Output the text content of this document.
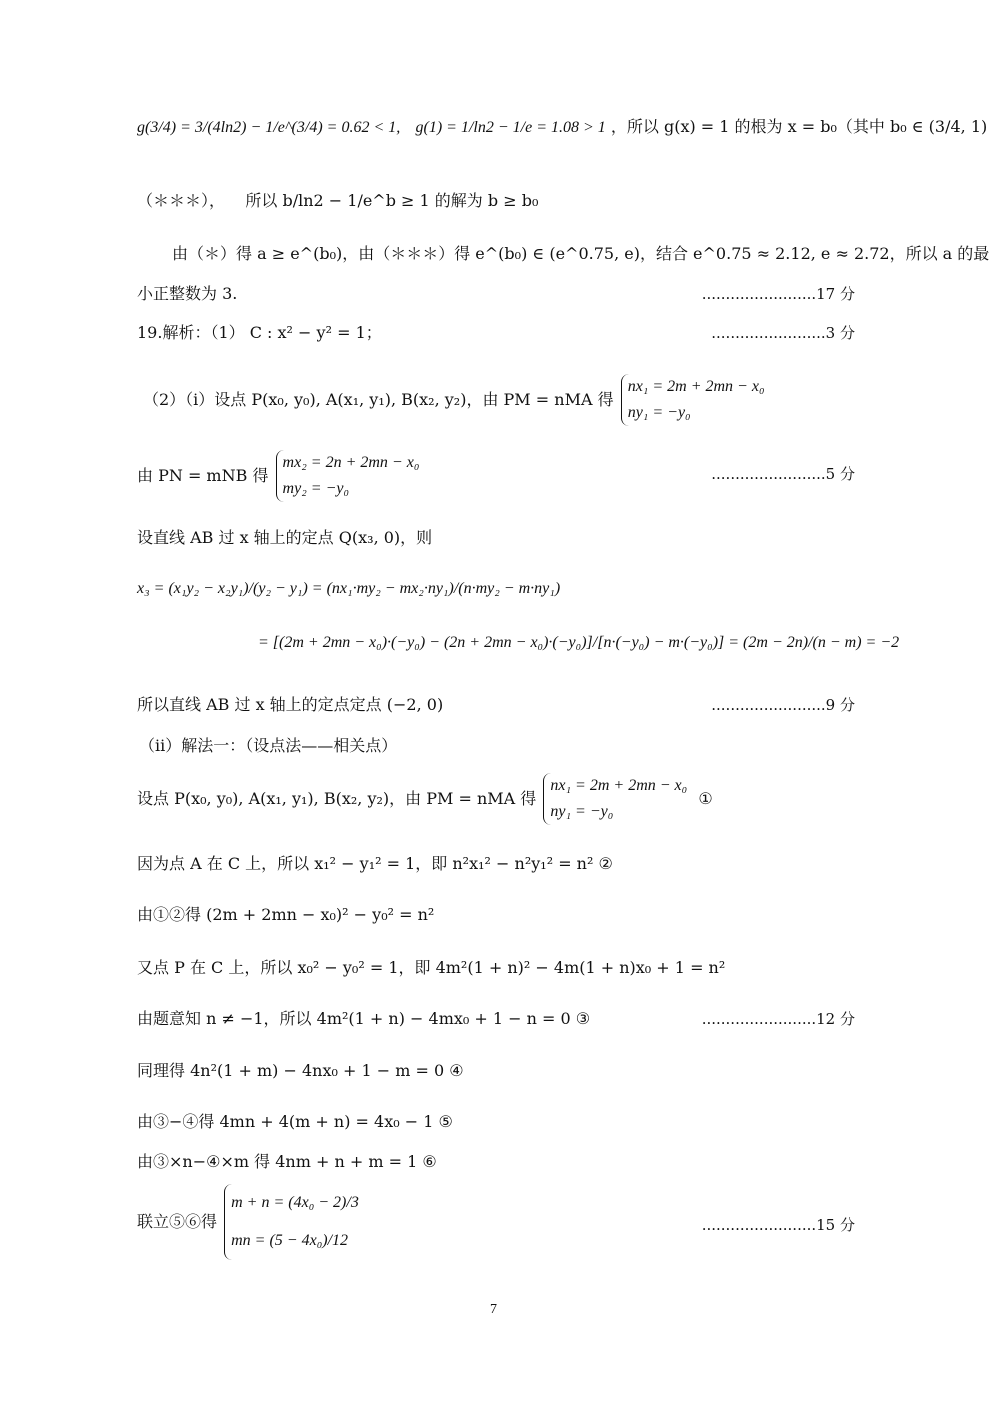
g(3/4) = 3/(4ln2) − 1/e^(3/4) = 0.62 < 1, g(1) = 1/ln2 − 1/e = 1.08 > 1 ，所以 g(x) = 1 的根为 x = b₀（其中 b₀ ∈ (3/4, 1)
（＊＊＊）， 所以 b/ln2 − 1/e^b ≥ 1 的解为 b ≥ b₀
由（＊）得 a ≥ e^(b₀)，由（＊＊＊）得 e^(b₀) ∈ (e^0.75, e)，结合 e^0.75 ≈ 2.12, e ≈ 2.72，所以 a 的最
小正整数为 3.	........................17 分
19.解析：（1） C : x² − y² = 1；	........................3 分
（2）（i）设点 P(x₀, y₀), A(x₁, y₁), B(x₂, y₂)，由 PM = nMA 得
nx₁ = 2m + 2mn − x₀
ny₁ = −y₀
由 PN = mNB 得
mx₂ = 2n + 2mn − x₀
my₂ = −y₀
........................5 分
设直线 AB 过 x 轴上的定点 Q(x₃, 0)，则
x₃ = (x₁y₂ − x₂y₁)/(y₂ − y₁) = (nx₁·my₂ − mx₂·ny₁)/(n·my₂ − m·ny₁)
= [(2m + 2mn − x₀)·(−y₀) − (2n + 2mn − x₀)·(−y₀)]/[n·(−y₀) − m·(−y₀)] = (2m − 2n)/(n − m) = −2
所以直线 AB 过 x 轴上的定点定点 (−2, 0)	........................9 分
（ii）解法一：（设点法——相关点）
设点 P(x₀, y₀), A(x₁, y₁), B(x₂, y₂)，由 PM = nMA 得
nx₁ = 2m + 2mn − x₀
ny₁ = −y₀
①
因为点 A 在 C 上，所以 x₁² − y₁² = 1，即 n²x₁² − n²y₁² = n² ②
由①②得 (2m + 2mn − x₀)² − y₀² = n²
又点 P 在 C 上，所以 x₀² − y₀² = 1，即 4m²(1 + n)² − 4m(1 + n)x₀ + 1 = n²
由题意知 n ≠ −1，所以 4m²(1 + n) − 4mx₀ + 1 − n = 0 ③	........................12 分
同理得 4n²(1 + m) − 4nx₀ + 1 − m = 0 ④
由③−④得 4mn + 4(m + n) = 4x₀ − 1 ⑤
由③×n−④×m 得 4nm + n + m = 1 ⑥
联立⑤⑥得
m + n = (4x₀ − 2)/3
mn = (5 − 4x₀)/12
........................15 分
7
